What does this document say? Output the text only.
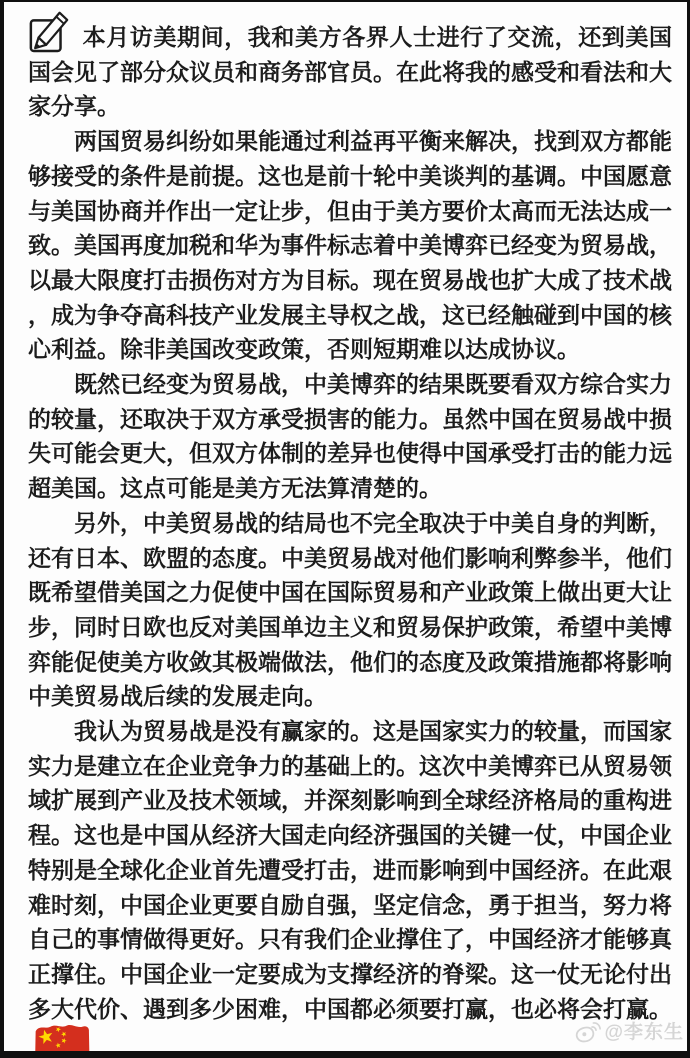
本月访美期间，我和美方各界人士进行了交流，还到美国国会见了部分众议员和商务部官员。在此将我的感受和看法和大家分享。

两国贸易纠纷如果能通过利益再平衡来解决，找到双方都能够接受的条件是前提。这也是前十轮中美谈判的基调。中国愿意与美国协商并作出一定让步，但由于美方要价太高而无法达成一致。美国再度加税和华为事件标志着中美博弈已经变为贸易战，以最大限度打击损伤对方为目标。现在贸易战也扩大成了技术战，成为争夺高科技产业发展主导权之战，这已经触碰到中国的核心利益。除非美国改变政策，否则短期难以达成协议。

既然已经变为贸易战，中美博弈的结果既要看双方综合实力的较量，还取决于双方承受损害的能力。虽然中国在贸易战中损失可能会更大，但双方体制的差异也使得中国承受打击的能力远超美国。这点可能是美方无法算清楚的。

另外，中美贸易战的结局也不完全取决于中美自身的判断，还有日本、欧盟的态度。中美贸易战对他们影响利弊参半，他们既希望借美国之力促使中国在国际贸易和产业政策上做出更大让步，同时日欧也反对美国单边主义和贸易保护政策，希望中美博弈能促使美方收敛其极端做法，他们的态度及政策措施都将影响中美贸易战后续的发展走向。

我认为贸易战是没有赢家的。这是国家实力的较量，而国家实力是建立在企业竞争力的基础上的。这次中美博弈已从贸易领域扩展到产业及技术领域，并深刻影响到全球经济格局的重构进程。这也是中国从经济大国走向经济强国的关键一仗，中国企业特别是全球化企业首先遭受打击，进而影响到中国经济。在此艰难时刻，中国企业更要自励自强，坚定信念，勇于担当，努力将自己的事情做得更好。只有我们企业撑住了，中国经济才能够真正撑住。中国企业一定要成为支撑经济的脊梁。这一仗无论付出多大代价、遇到多少困难，中国都必须要打赢，也必将会打赢。

@李东生
